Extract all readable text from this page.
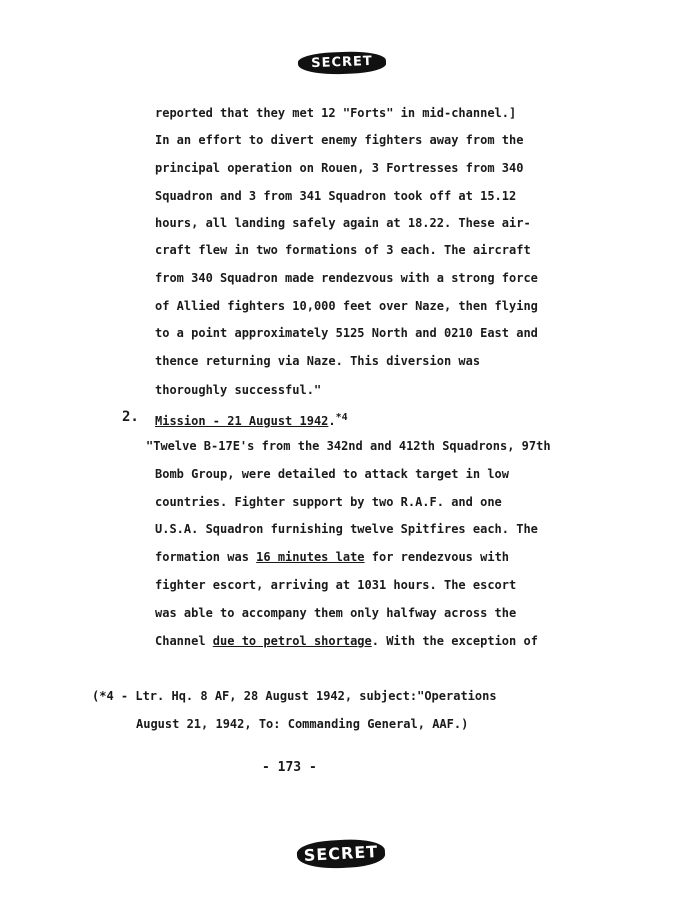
SECRET
reported that they met 12 "Forts" in mid-channel.]
In an effort to divert enemy fighters away from the
principal operation on Rouen, 3 Fortresses from 340
Squadron and 3 from 341 Squadron took off at 15.12
hours, all landing safely again at 18.22. These air-
craft flew in two formations of 3 each. The aircraft
from 340 Squadron made rendezvous with a strong force
of Allied fighters 10,000 feet over Naze, then flying
to a point approximately 5125 North and 0210 East and
thence returning via Naze. This diversion was
thoroughly successful."
2. Mission - 21 August 1942.$^{*4}$
"Twelve B-17E's from the 342nd and 412th Squadrons, 97th
Bomb Group, were detailed to attack target in low
countries. Fighter support by two R.A.F. and one
U.S.A. Squadron furnishing twelve Spitfires each. The
formation was 16 minutes late for rendezvous with
fighter escort, arriving at 1031 hours. The escort
was able to accompany them only halfway across the
Channel due to petrol shortage. With the exception of
(*4 - Ltr. Hq. 8 AF, 28 August 1942, subject:"Operations
August 21, 1942, To: Commanding General, AAF.)
- 173 -
SECRET
